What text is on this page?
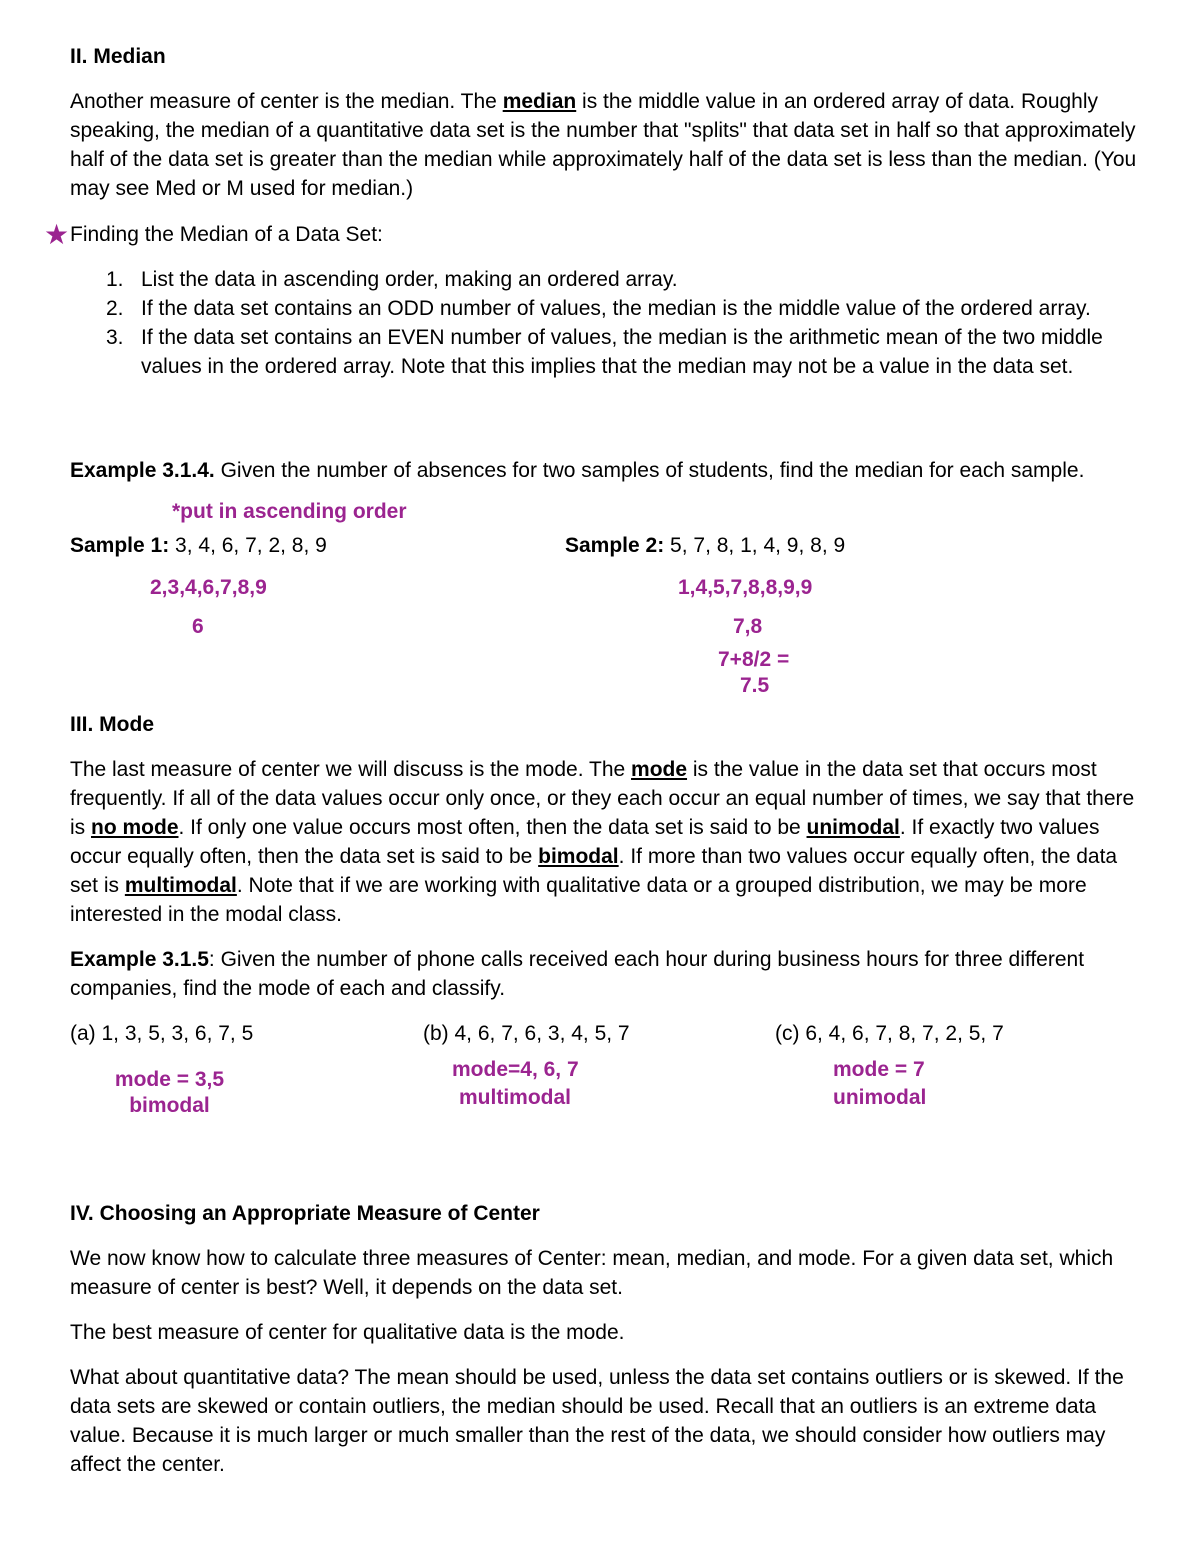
II. Median
Another measure of center is the median. The median is the middle value in an ordered array of data. Roughly speaking, the median of a quantitative data set is the number that "splits" that data set in half so that approximately half of the data set is greater than the median while approximately half of the data set is less than the median. (You may see Med or M used for median.)
★ Finding the Median of a Data Set:
1. List the data in ascending order, making an ordered array.
2. If the data set contains an ODD number of values, the median is the middle value of the ordered array.
3. If the data set contains an EVEN number of values, the median is the arithmetic mean of the two middle values in the ordered array. Note that this implies that the median may not be a value in the data set.
Example 3.1.4. Given the number of absences for two samples of students, find the median for each sample.
*put in ascending order
Sample 1: 3, 4, 6, 7, 2, 8, 9	Sample 2: 5, 7, 8, 1, 4, 9, 8, 9
2,3,4,6,7,8,9
6
1,4,5,7,8,8,9,9
7,8
7+8/2 =
7.5
III. Mode
The last measure of center we will discuss is the mode. The mode is the value in the data set that occurs most frequently. If all of the data values occur only once, or they each occur an equal number of times, we say that there is no mode. If only one value occurs most often, then the data set is said to be unimodal. If exactly two values occur equally often, then the data set is said to be bimodal. If more than two values occur equally often, the data set is multimodal. Note that if we are working with qualitative data or a grouped distribution, we may be more interested in the modal class.
Example 3.1.5: Given the number of phone calls received each hour during business hours for three different companies, find the mode of each and classify.
(a) 1, 3, 5, 3, 6, 7, 5	(b) 4, 6, 7, 6, 3, 4, 5, 7	(c) 6, 4, 6, 7, 8, 7, 2, 5, 7
mode = 3,5
bimodal
mode=4, 6, 7
multimodal
mode = 7
unimodal
IV. Choosing an Appropriate Measure of Center
We now know how to calculate three measures of Center: mean, median, and mode. For a given data set, which measure of center is best? Well, it depends on the data set.
The best measure of center for qualitative data is the mode.
What about quantitative data? The mean should be used, unless the data set contains outliers or is skewed. If the data sets are skewed or contain outliers, the median should be used. Recall that an outliers is an extreme data value. Because it is much larger or much smaller than the rest of the data, we should consider how outliers may affect the center.
